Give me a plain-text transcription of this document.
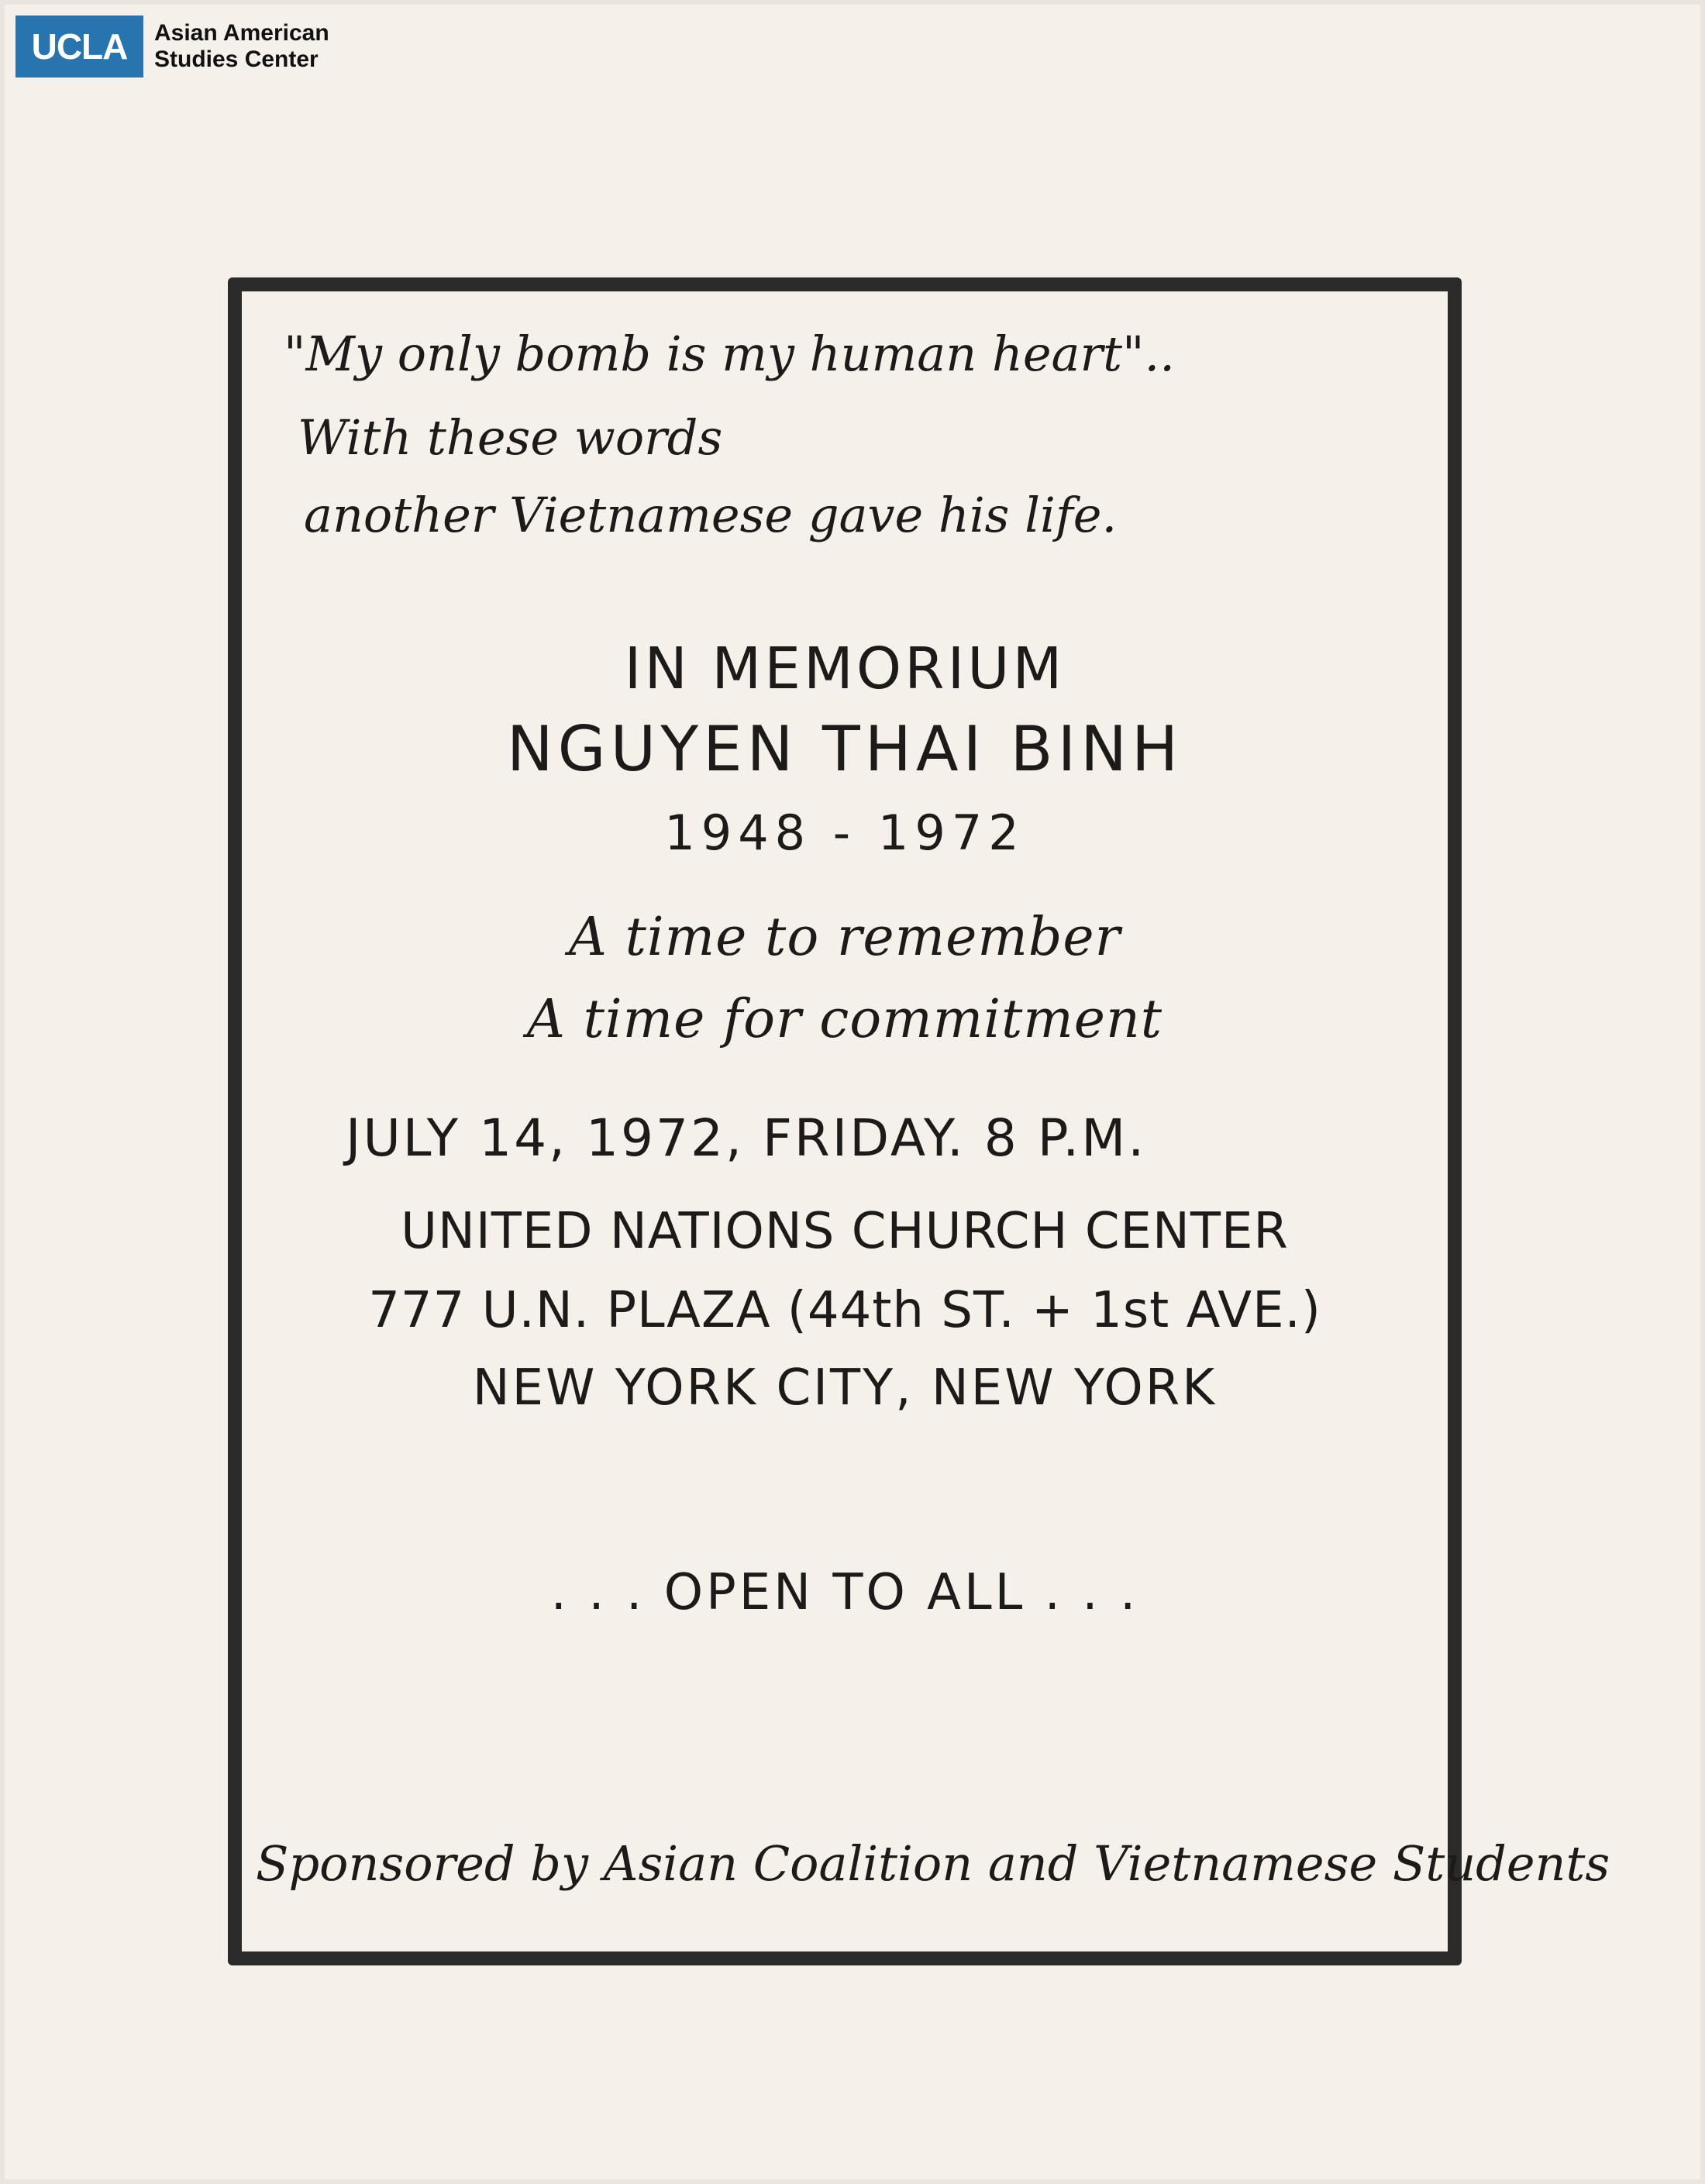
UCLA	Asian American
Studies Center

"My only bomb is my human heart"..

With these words

another Vietnamese gave his life.

IN MEMORIUM

NGUYEN THAI BINH

1948 - 1972

A time to remember

A time for commitment

JULY 14, 1972, FRIDAY. 8 P.M.

UNITED NATIONS CHURCH CENTER

777 U.N. PLAZA (44th ST. + 1st AVE.)

NEW YORK CITY, NEW YORK

. . . OPEN TO ALL . . .

Sponsored by Asian Coalition and Vietnamese Students
